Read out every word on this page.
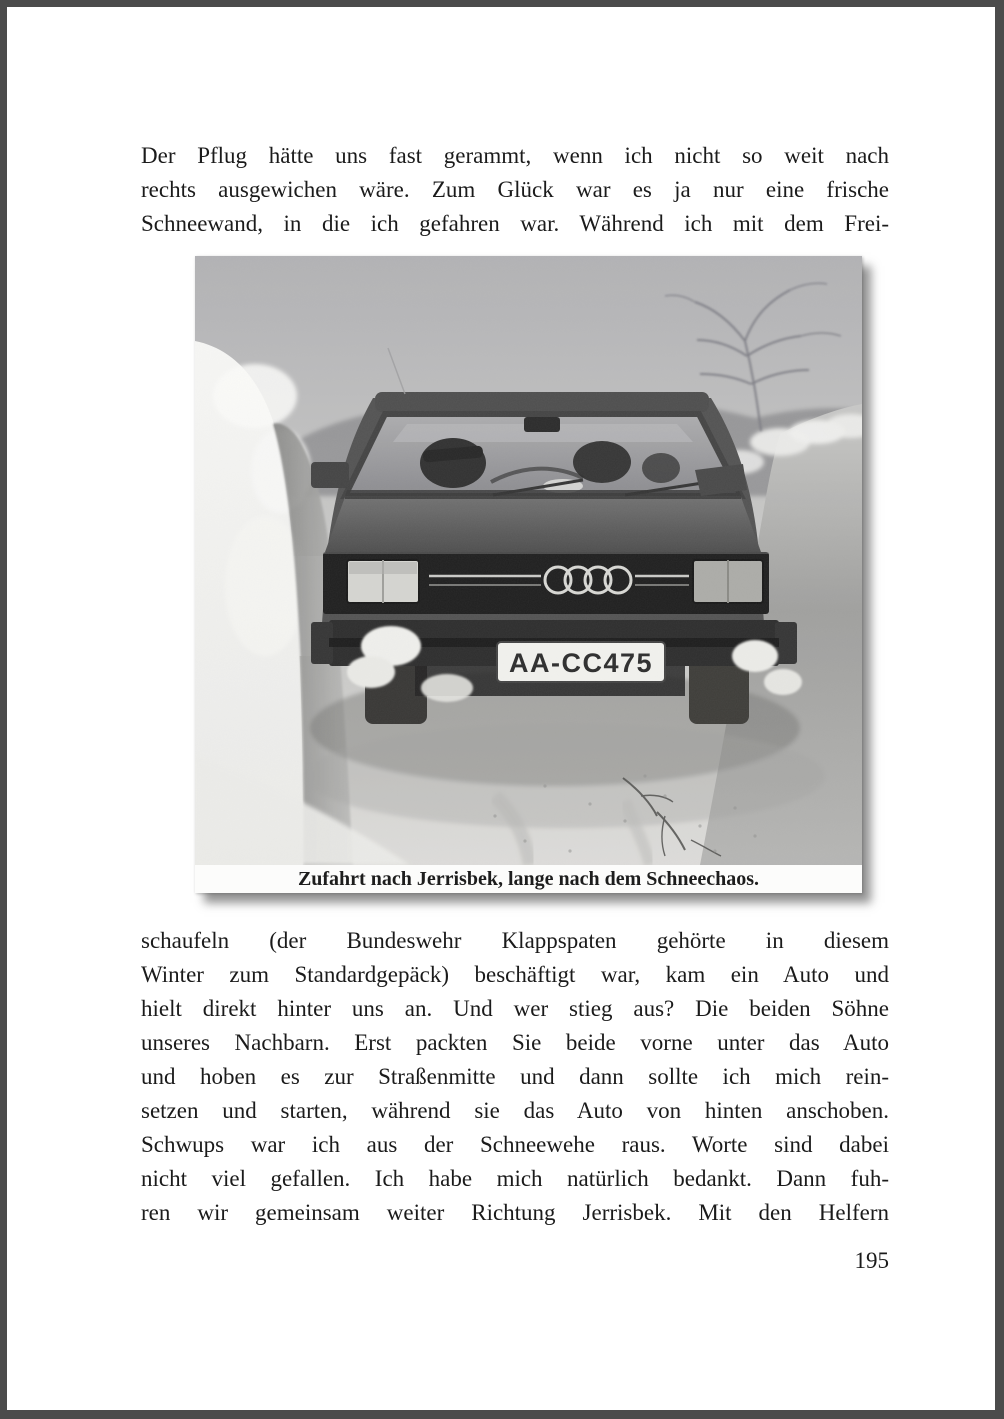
Der Pflug hätte uns fast gerammt, wenn ich nicht so weit nach
rechts ausgewichen wäre. Zum Glück war es ja nur eine frische
Schneewand, in die ich gefahren war. Während ich mit dem Frei-
Zufahrt nach Jerrisbek, lange nach dem Schneechaos.
schaufeln (der Bundeswehr Klappspaten gehörte in diesem
Winter zum Standardgepäck) beschäftigt war, kam ein Auto und
hielt direkt hinter uns an. Und wer stieg aus? Die beiden Söhne
unseres Nachbarn. Erst packten Sie beide vorne unter das Auto
und hoben es zur Straßenmitte und dann sollte ich mich rein-
setzen und starten, während sie das Auto von hinten anschoben.
Schwups war ich aus der Schneewehe raus. Worte sind dabei
nicht viel gefallen. Ich habe mich natürlich bedankt. Dann fuh-
ren wir gemeinsam weiter Richtung Jerrisbek. Mit den Helfern
195
